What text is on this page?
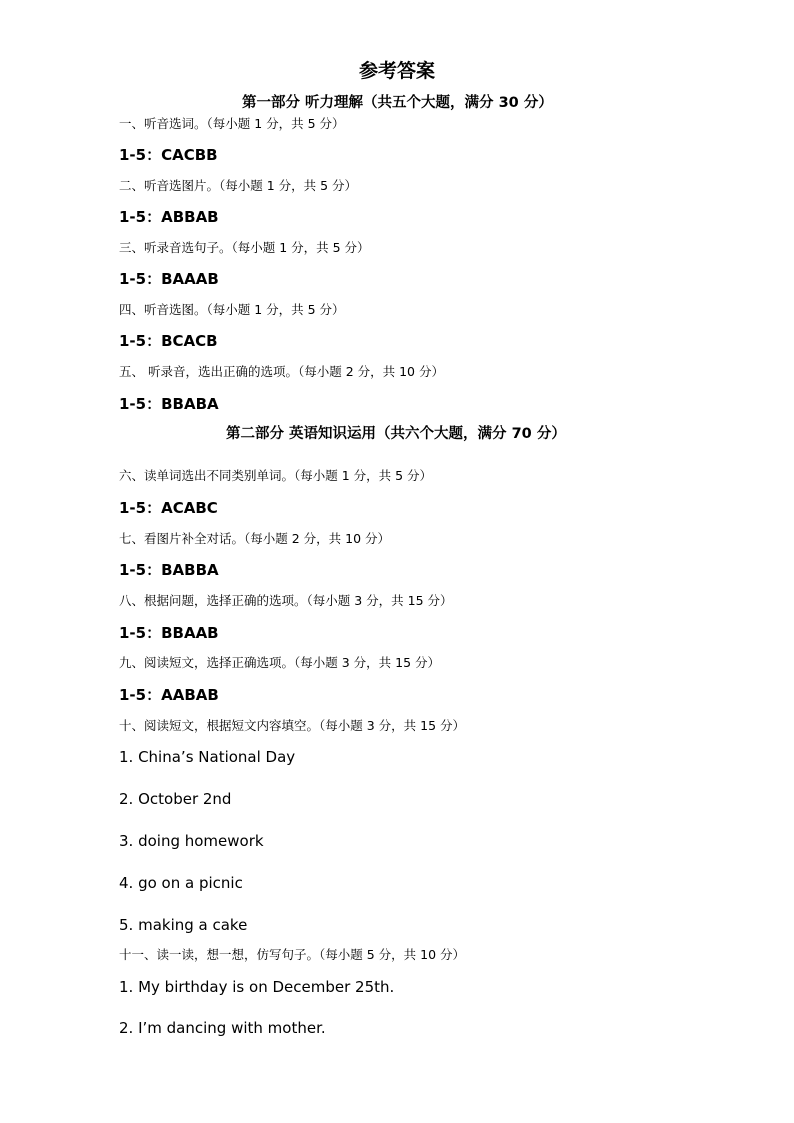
参考答案
第一部分 听力理解（共五个大题，满分 30 分）
一、听音选词。（每小题 1 分，共 5 分）
1-5：CACBB
二、听音选图片。（每小题 1 分，共 5 分）
1-5：ABBAB
三、听录音选句子。（每小题 1 分，共 5 分）
1-5：BAAAB
四、听音选图。（每小题 1 分，共 5 分）
1-5：BCACB
五、 听录音，选出正确的选项。（每小题 2 分，共 10 分）
1-5：BBABA
第二部分 英语知识运用（共六个大题，满分 70 分）
六、读单词选出不同类别单词。（每小题 1 分，共 5 分）
1-5：ACABC
七、看图片补全对话。（每小题 2 分，共 10 分）
1-5：BABBA
八、根据问题，选择正确的选项。（每小题 3 分，共 15 分）
1-5：BBAAB
九、阅读短文，选择正确选项。（每小题 3 分，共 15 分）
1-5：AABAB
十、阅读短文，根据短文内容填空。（每小题 3 分，共 15 分）
1. China’s National Day
2. October 2nd
3. doing homework
4. go on a picnic
5. making a cake
十一、读一读，想一想，仿写句子。（每小题 5 分，共 10 分）
1. My birthday is on December 25th.
2. I’m dancing with mother.
